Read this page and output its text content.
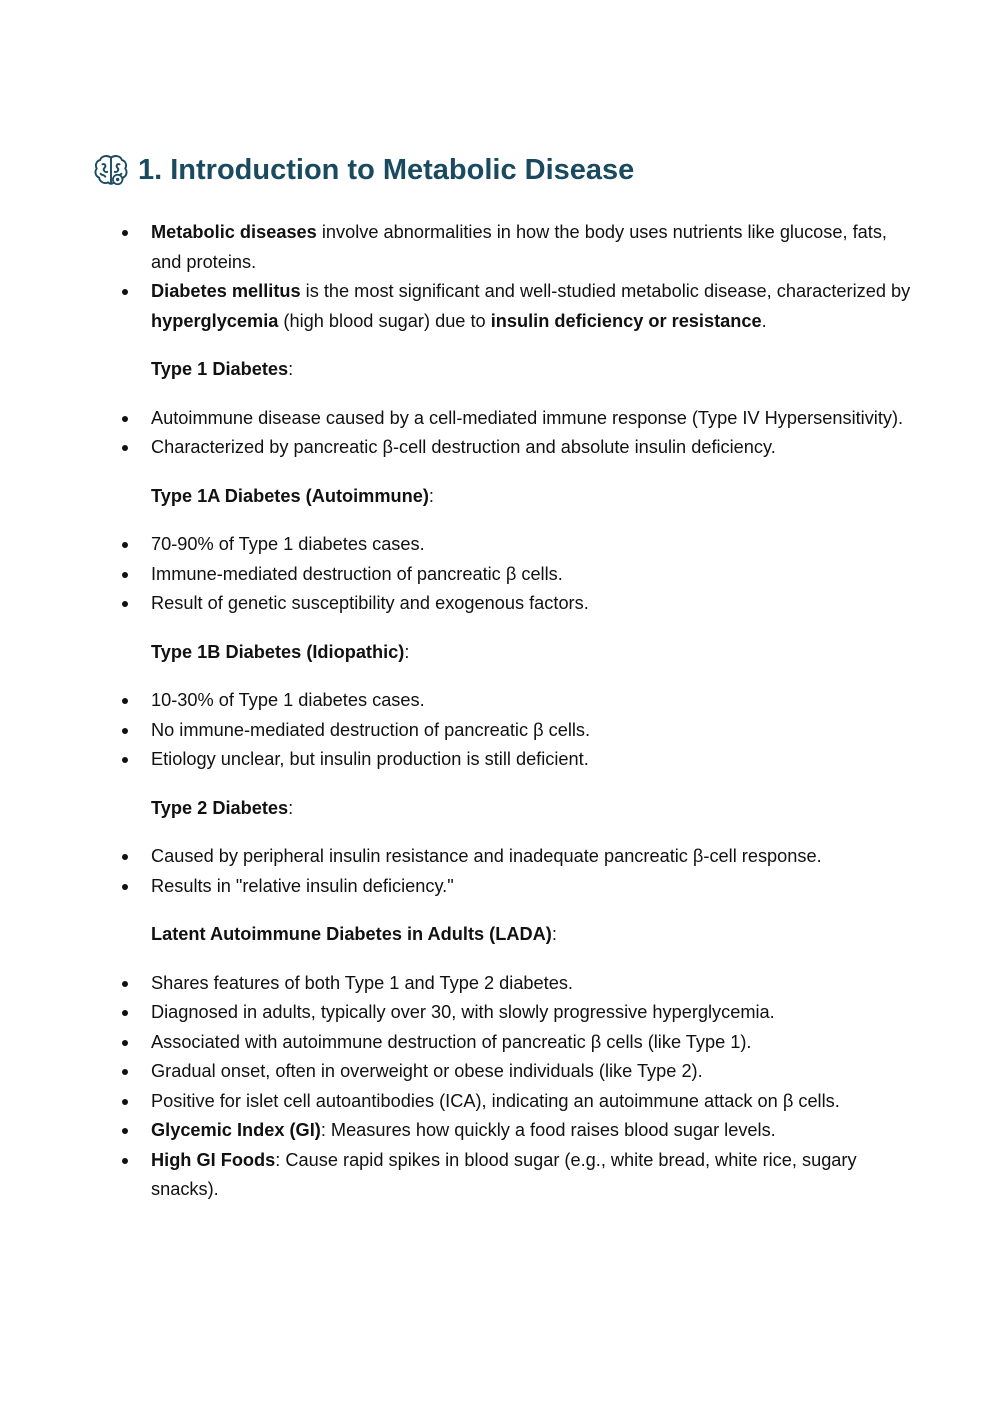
1. Introduction to Metabolic Disease
Metabolic diseases involve abnormalities in how the body uses nutrients like glucose, fats, and proteins.
Diabetes mellitus is the most significant and well-studied metabolic disease, characterized by hyperglycemia (high blood sugar) due to insulin deficiency or resistance.
Type 1 Diabetes:
Autoimmune disease caused by a cell-mediated immune response (Type IV Hypersensitivity).
Characterized by pancreatic β-cell destruction and absolute insulin deficiency.
Type 1A Diabetes (Autoimmune):
70-90% of Type 1 diabetes cases.
Immune-mediated destruction of pancreatic β cells.
Result of genetic susceptibility and exogenous factors.
Type 1B Diabetes (Idiopathic):
10-30% of Type 1 diabetes cases.
No immune-mediated destruction of pancreatic β cells.
Etiology unclear, but insulin production is still deficient.
Type 2 Diabetes:
Caused by peripheral insulin resistance and inadequate pancreatic β-cell response.
Results in "relative insulin deficiency."
Latent Autoimmune Diabetes in Adults (LADA):
Shares features of both Type 1 and Type 2 diabetes.
Diagnosed in adults, typically over 30, with slowly progressive hyperglycemia.
Associated with autoimmune destruction of pancreatic β cells (like Type 1).
Gradual onset, often in overweight or obese individuals (like Type 2).
Positive for islet cell autoantibodies (ICA), indicating an autoimmune attack on β cells.
Glycemic Index (GI): Measures how quickly a food raises blood sugar levels.
High GI Foods: Cause rapid spikes in blood sugar (e.g., white bread, white rice, sugary snacks).
